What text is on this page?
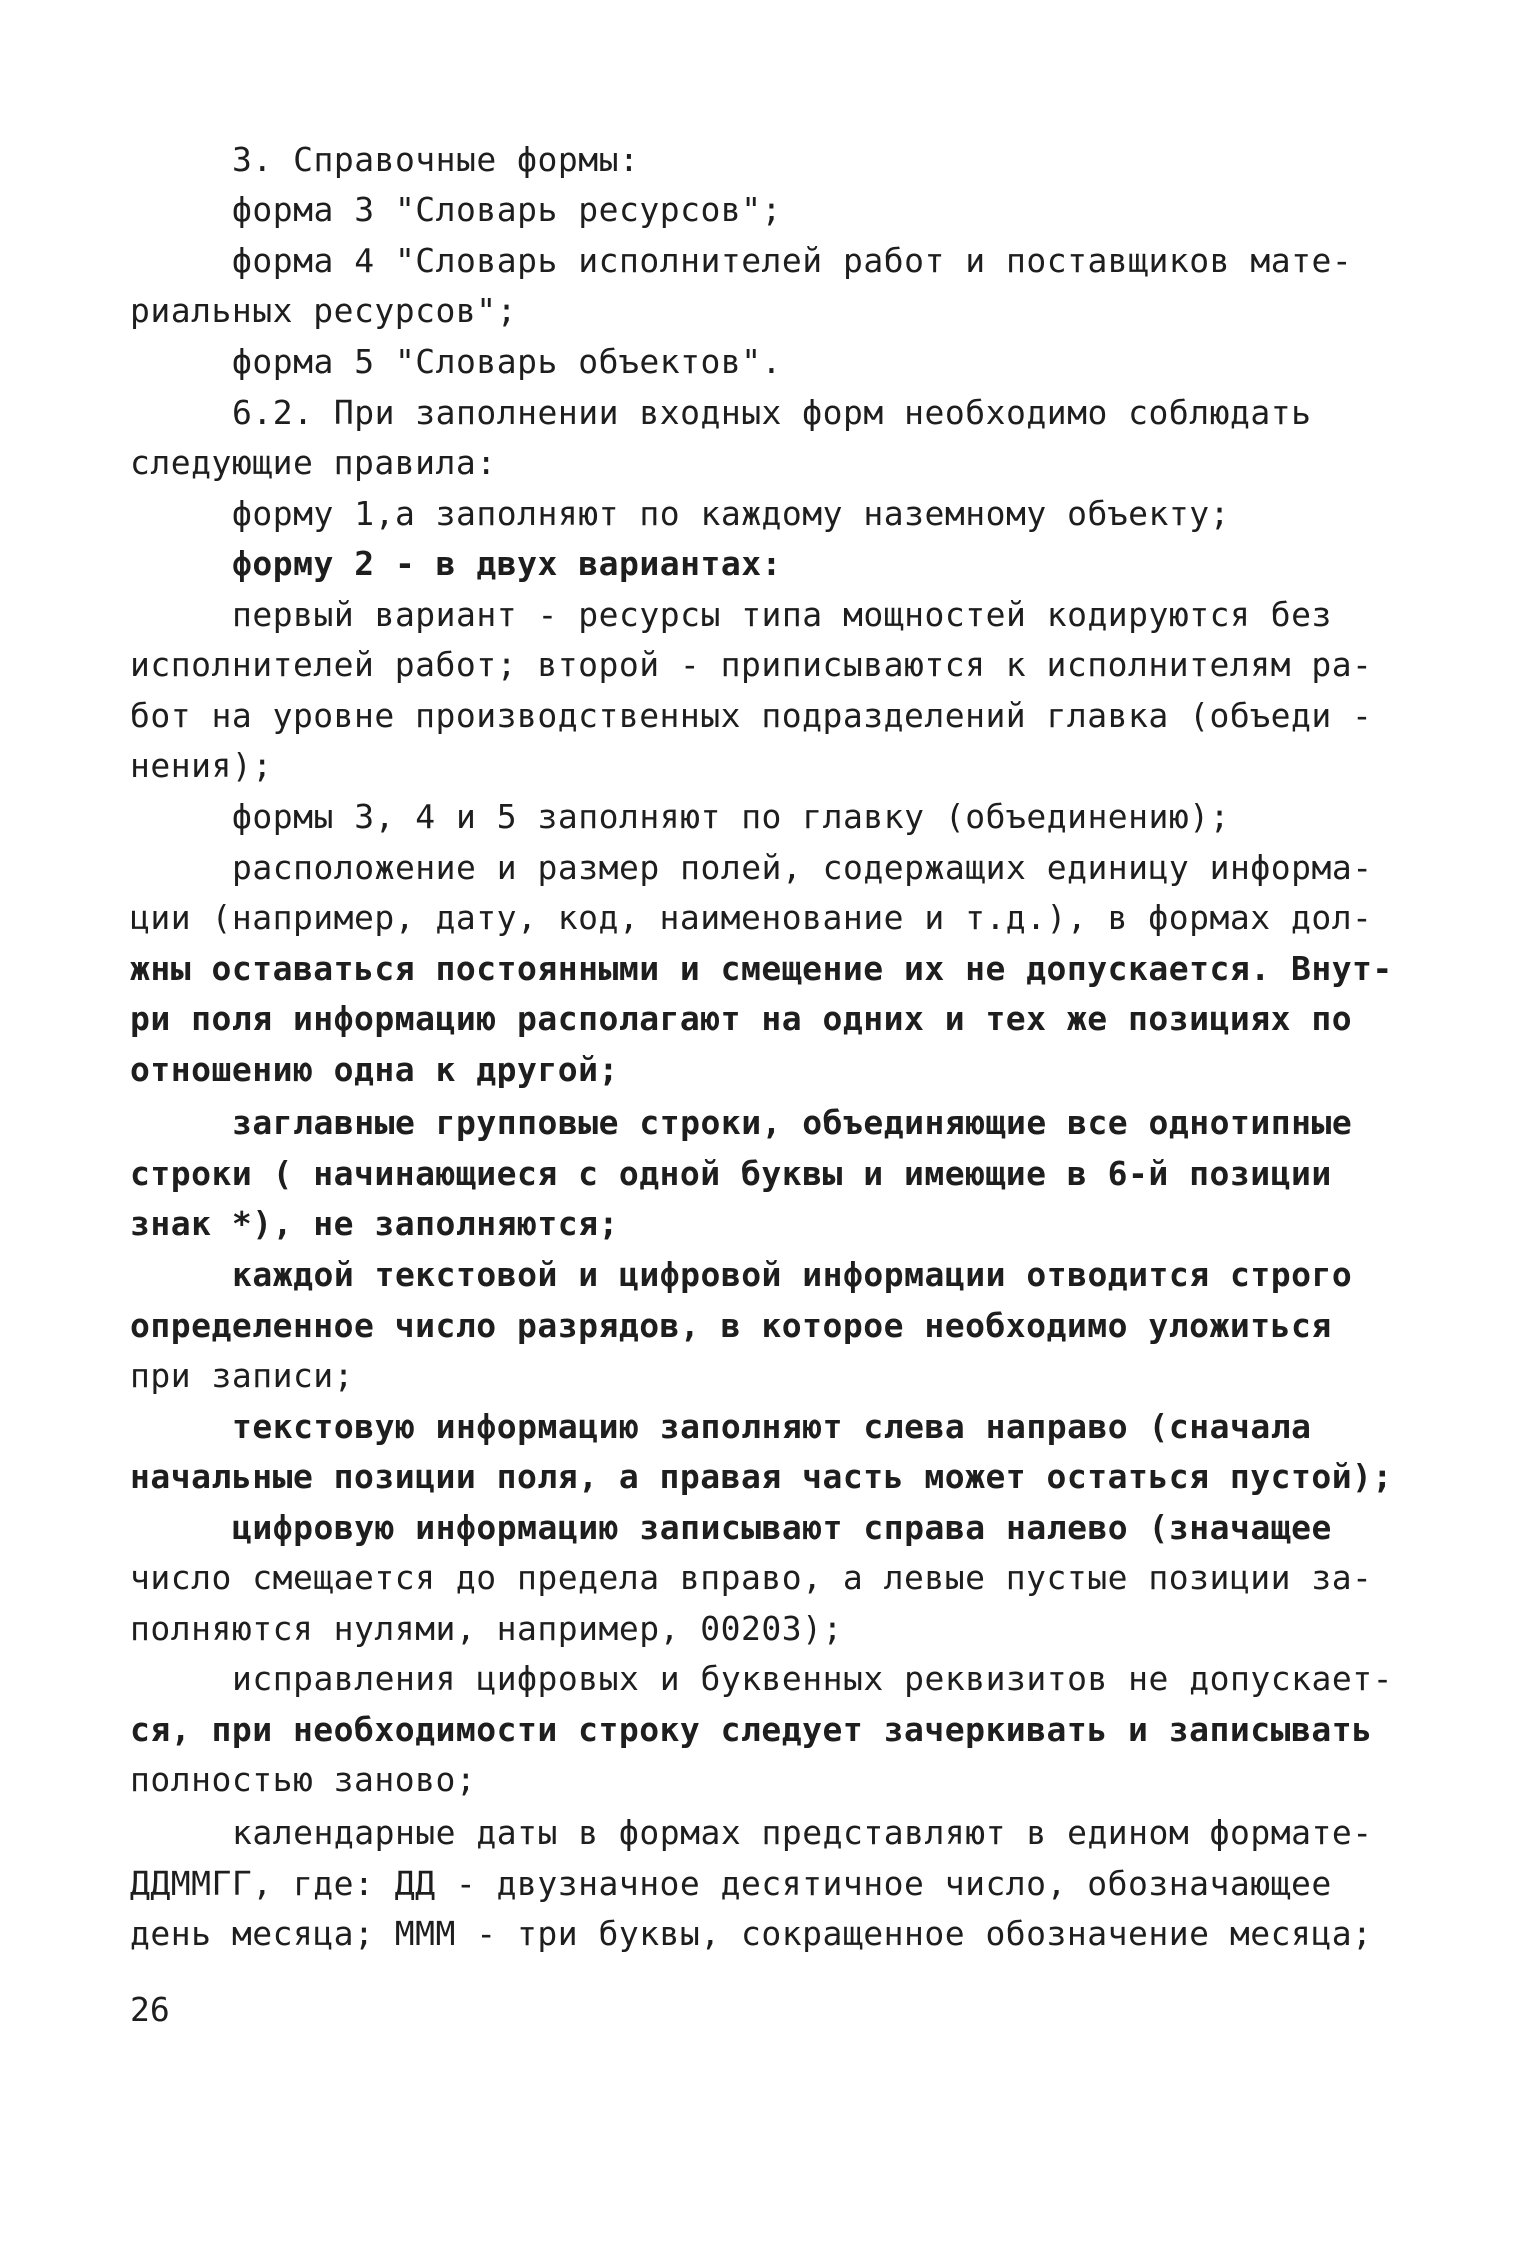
3. Справочные формы:
форма 3 "Словарь ресурсов";
форма 4 "Словарь исполнителей работ и поставщиков мате-
риальных ресурсов";
форма 5 "Словарь объектов".
6.2. При заполнении входных форм необходимо соблюдать
следующие правила:
форму 1,а заполняют по каждому наземному объекту;
форму 2 - в двух вариантах:
первый вариант - ресурсы типа мощностей кодируются без
исполнителей работ; второй - приписываются к исполнителям ра-
бот на уровне производственных подразделений главка (объеди -
нения);
формы 3, 4 и 5 заполняют по главку (объединению);
расположение и размер полей, содержащих единицу информа-
ции (например, дату, код, наименование и т.д.), в формах дол-
жны оставаться постоянными и смещение их не допускается. Внут-
ри поля информацию располагают на одних и тех же позициях по
отношению одна к другой;
заглавные групповые строки, объединяющие все однотипные
строки ( начинающиеся с одной буквы и имеющие в 6-й позиции
знак *), не заполняются;
каждой текстовой и цифровой информации отводится строго
определенное число разрядов, в которое необходимо уложиться
при записи;
текстовую информацию заполняют слева направо (сначала
начальные позиции поля, а правая часть может остаться пустой);
цифровую информацию записывают справа налево (значащее
число смещается до предела вправо, а левые пустые позиции за-
полняются нулями, например, 00203);
исправления цифровых и буквенных реквизитов не допускает-
ся, при необходимости строку следует зачеркивать и записывать
полностью заново;
календарные даты в формах представляют в едином формате-
ДДММГГ, где: ДД - двузначное десятичное число, обозначающее
день месяца; МММ - три буквы, сокращенное обозначение месяца;
26
